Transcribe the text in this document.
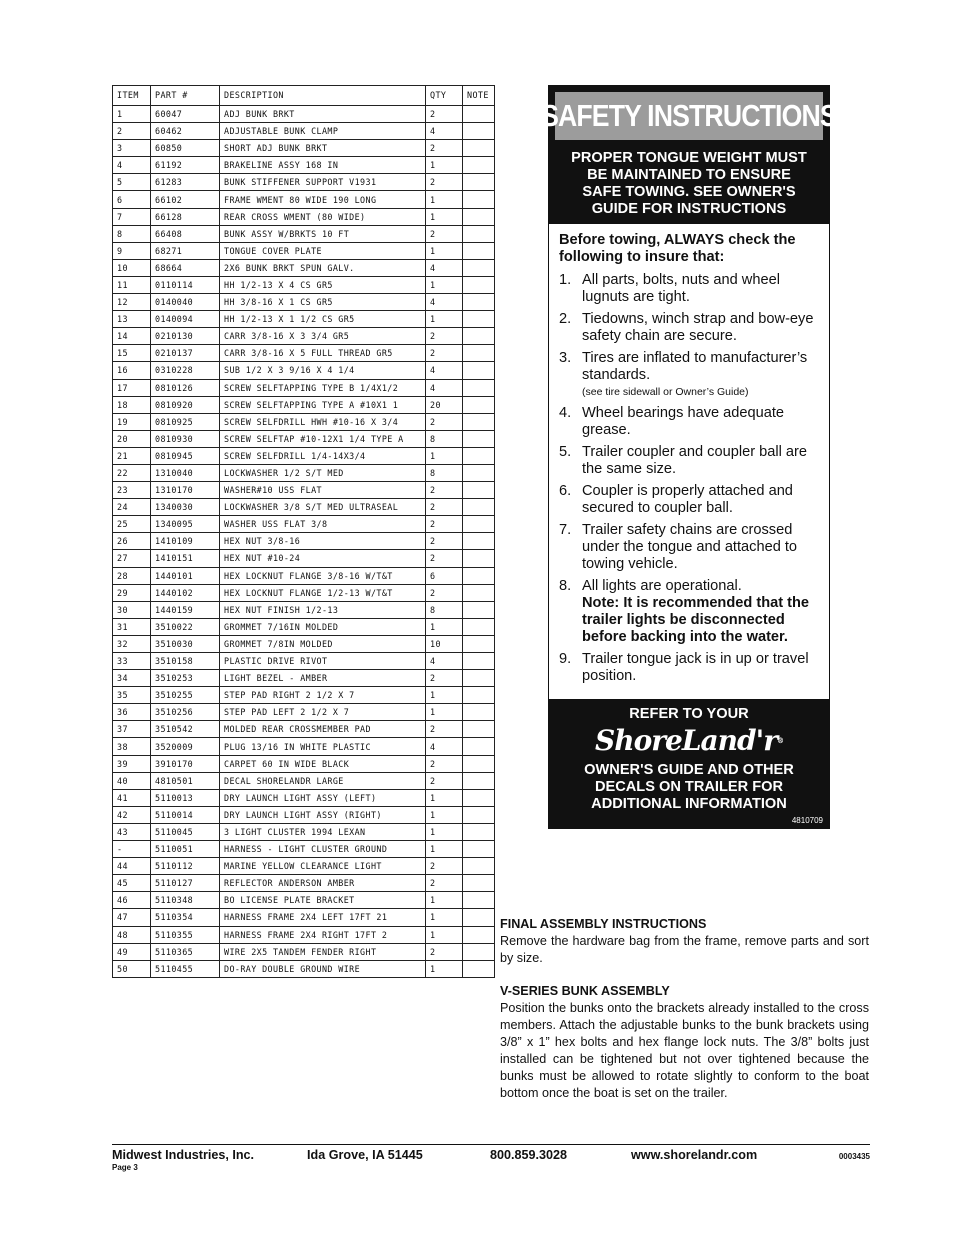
ITEM	PART #	DESCRIPTION	QTY	NOTE
1	60047	ADJ BUNK BRKT	2	
2	60462	ADJUSTABLE BUNK CLAMP	4	
3	60850	SHORT ADJ BUNK BRKT	2	
4	61192	BRAKELINE ASSY 168 IN	1	
5	61283	BUNK STIFFENER SUPPORT V1931	2	
6	66102	FRAME WMENT 80 WIDE 190 LONG	1	
7	66128	REAR CROSS WMENT (80 WIDE)	1	
8	66408	BUNK ASSY W/BRKTS 10 FT	2	
9	68271	TONGUE COVER PLATE	1	
10	68664	2X6 BUNK BRKT SPUN GALV.	4	
11	0110114	HH 1/2-13 X 4 CS GR5	1	
12	0140040	HH 3/8-16 X 1 CS GR5	4	
13	0140094	HH 1/2-13 X 1 1/2 CS GR5	1	
14	0210130	CARR 3/8-16 X 3 3/4 GR5	2	
15	0210137	CARR 3/8-16 X 5 FULL THREAD GR5	2	
16	0310228	SUB 1/2 X 3 9/16 X 4 1/4	4	
17	0810126	SCREW SELFTAPPING TYPE B 1/4X1/2	4	
18	0810920	SCREW SELFTAPPING TYPE A #10X1 1	20	
19	0810925	SCREW SELFDRILL HWH #10-16 X 3/4	2	
20	0810930	SCREW SELFTAP #10-12X1 1/4 TYPE A	8	
21	0810945	SCREW SELFDRILL 1/4-14X3/4	1	
22	1310040	LOCKWASHER 1/2 S/T MED	8	
23	1310170	WASHER#10 USS FLAT	2	
24	1340030	LOCKWASHER 3/8 S/T MED ULTRASEAL	2	
25	1340095	WASHER USS FLAT 3/8	2	
26	1410109	HEX NUT 3/8-16	2	
27	1410151	HEX NUT #10-24	2	
28	1440101	HEX LOCKNUT FLANGE 3/8-16 W/T&T	6	
29	1440102	HEX LOCKNUT FLANGE 1/2-13 W/T&T	2	
30	1440159	HEX NUT FINISH 1/2-13	8	
31	3510022	GROMMET 7/16IN MOLDED	1	
32	3510030	GROMMET 7/8IN MOLDED	10	
33	3510158	PLASTIC DRIVE RIVOT	4	
34	3510253	LIGHT BEZEL - AMBER	2	
35	3510255	STEP PAD RIGHT 2 1/2 X 7	1	
36	3510256	STEP PAD LEFT 2 1/2 X 7	1	
37	3510542	MOLDED REAR CROSSMEMBER PAD	2	
38	3520009	PLUG 13/16 IN WHITE PLASTIC	4	
39	3910170	CARPET 60 IN WIDE BLACK	2	
40	4810501	DECAL SHORELANDR LARGE	2	
41	5110013	DRY LAUNCH LIGHT ASSY (LEFT)	1	
42	5110014	DRY LAUNCH LIGHT ASSY (RIGHT)	1	
43	5110045	3 LIGHT CLUSTER 1994 LEXAN	1	
-	5110051	HARNESS - LIGHT CLUSTER GROUND	1	
44	5110112	MARINE YELLOW CLEARANCE LIGHT	2	
45	5110127	REFLECTOR ANDERSON AMBER	2	
46	5110348	BO LICENSE PLATE BRACKET	1	
47	5110354	HARNESS FRAME 2X4 LEFT 17FT 21	1	
48	5110355	HARNESS FRAME 2X4 RIGHT 17FT 2	1	
49	5110365	WIRE 2X5 TANDEM FENDER RIGHT	2	
50	5110455	DO-RAY DOUBLE GROUND WIRE	1	
SAFETY INSTRUCTIONS
PROPER TONGUE WEIGHT MUST
BE MAINTAINED TO ENSURE
SAFE TOWING. SEE OWNER'S
GUIDE FOR INSTRUCTIONS

Before towing, ALWAYS check the following to insure that:

1. All parts, bolts, nuts and wheel lugnuts are tight.
2. Tiedowns, winch strap and bow-eye safety chain are secure.
3. Tires are inflated to manufacturer’s standards.
(see tire sidewall or Owner’s Guide)
4. Wheel bearings have adequate grease.
5. Trailer coupler and coupler ball are the same size.
6. Coupler is properly attached and secured to coupler ball.
7. Trailer safety chains are crossed under the tongue and attached to towing vehicle.
8. All lights are operational.
Note: It is recommended that the trailer lights be disconnected before backing into the water.
9. Trailer tongue jack is in up or travel position.
REFER TO YOUR
ShoreLand'r®
OWNER'S GUIDE AND OTHER
DECALS ON TRAILER FOR
ADDITIONAL INFORMATION
4810709
FINAL ASSEMBLY INSTRUCTIONS

Remove the hardware bag from the frame, remove parts and sort by size.

V-SERIES BUNK ASSEMBLY

Position the bunks onto the brackets already installed to the cross members. Attach the adjustable bunks to the bunk brackets using 3/8” x 1” hex bolts and hex flange lock nuts. The 3/8” bolts just installed can be tightened but not over tightened because the bunks must be allowed to rotate slightly to conform to the boat bottom once the boat is set on the trailer.

Midwest Industries, Inc.	Ida Grove, IA 51445	800.859.3028	www.shorelandr.com	0003435
Page 3
